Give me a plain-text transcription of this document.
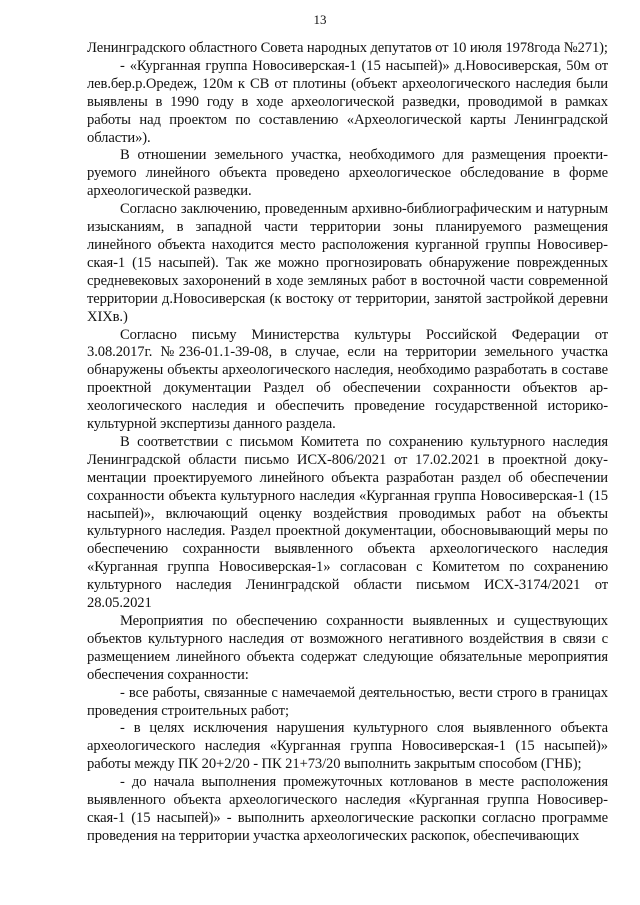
13

Ленинградского областного Совета народных депутатов от 10 июля 1978года №271);

- «Курганная группа Новосиверская-1 (15 насыпей)» д.Новосиверская, 50м от лев.бер.р.Оредеж, 120м к СВ от плотины (объект археологического наследия были выявлены в 1990 году в ходе археологической разведки, проводимой в рамках работы над проектом по составлению «Археологической карты Ленинградской области»).

В отношении земельного участка, необходимого для размещения проектируемого линейного объекта проведено археологическое обследование в форме археологической разведки.

Согласно заключению, проведенным архивно-библиографическим и натурным изысканиям, в западной части территории зоны планируемого размещения линейного объекта находится место расположения курганной группы Новосиверская-1 (15 насыпей). Так же можно прогнозировать обнаружение поврежденных средневековых захоронений в ходе земляных работ в восточной части современной территории д.Новосиверская (к востоку от территории, занятой застройкой деревни XIXв.)

Согласно письму Министерства культуры Российской Федерации от 3.08.2017г. №236-01.1-39-08, в случае, если на территории земельного участка обнаружены объекты археологического наследия, необходимо разработать в составе проектной документации Раздел об обеспечении сохранности объектов археологического наследия и обеспечить проведение государственной историко-культурной экспертизы данного раздела.

В соответствии с письмом Комитета по сохранению культурного наследия Ленинградской области письмо ИСХ-806/2021 от 17.02.2021 в проектной документации проектируемого линейного объекта разработан раздел об обеспечении сохранности объекта культурного наследия «Курганная группа Новосиверская-1 (15 насыпей)», включающий оценку воздействия проводимых работ на объекты культурного наследия. Раздел проектной документации, обосновывающий меры по обеспечению сохранности выявленного объекта археологического наследия «Курганная группа Новосиверская-1» согласован с Комитетом по сохранению культурного наследия Ленинградской области письмом ИСХ-3174/2021 от 28.05.2021

Мероприятия по обеспечению сохранности выявленных и существующих объектов культурного наследия от возможного негативного воздействия в связи с размещением линейного объекта содержат следующие обязательные мероприятия обеспечения сохранности:

- все работы, связанные с намечаемой деятельностью, вести строго в границах проведения строительных работ;

- в целях исключения нарушения культурного слоя выявленного объекта археологического наследия «Курганная группа Новосиверская-1 (15 насыпей)» работы между ПК 20+2/20 - ПК 21+73/20 выполнить закрытым способом (ГНБ);

- до начала выполнения промежуточных котлованов в месте расположения выявленного объекта археологического наследия «Курганная группа Новосиверская-1 (15 насыпей)» - выполнить археологические раскопки согласно программе проведения на территории участка археологических раскопок, обеспечивающих
